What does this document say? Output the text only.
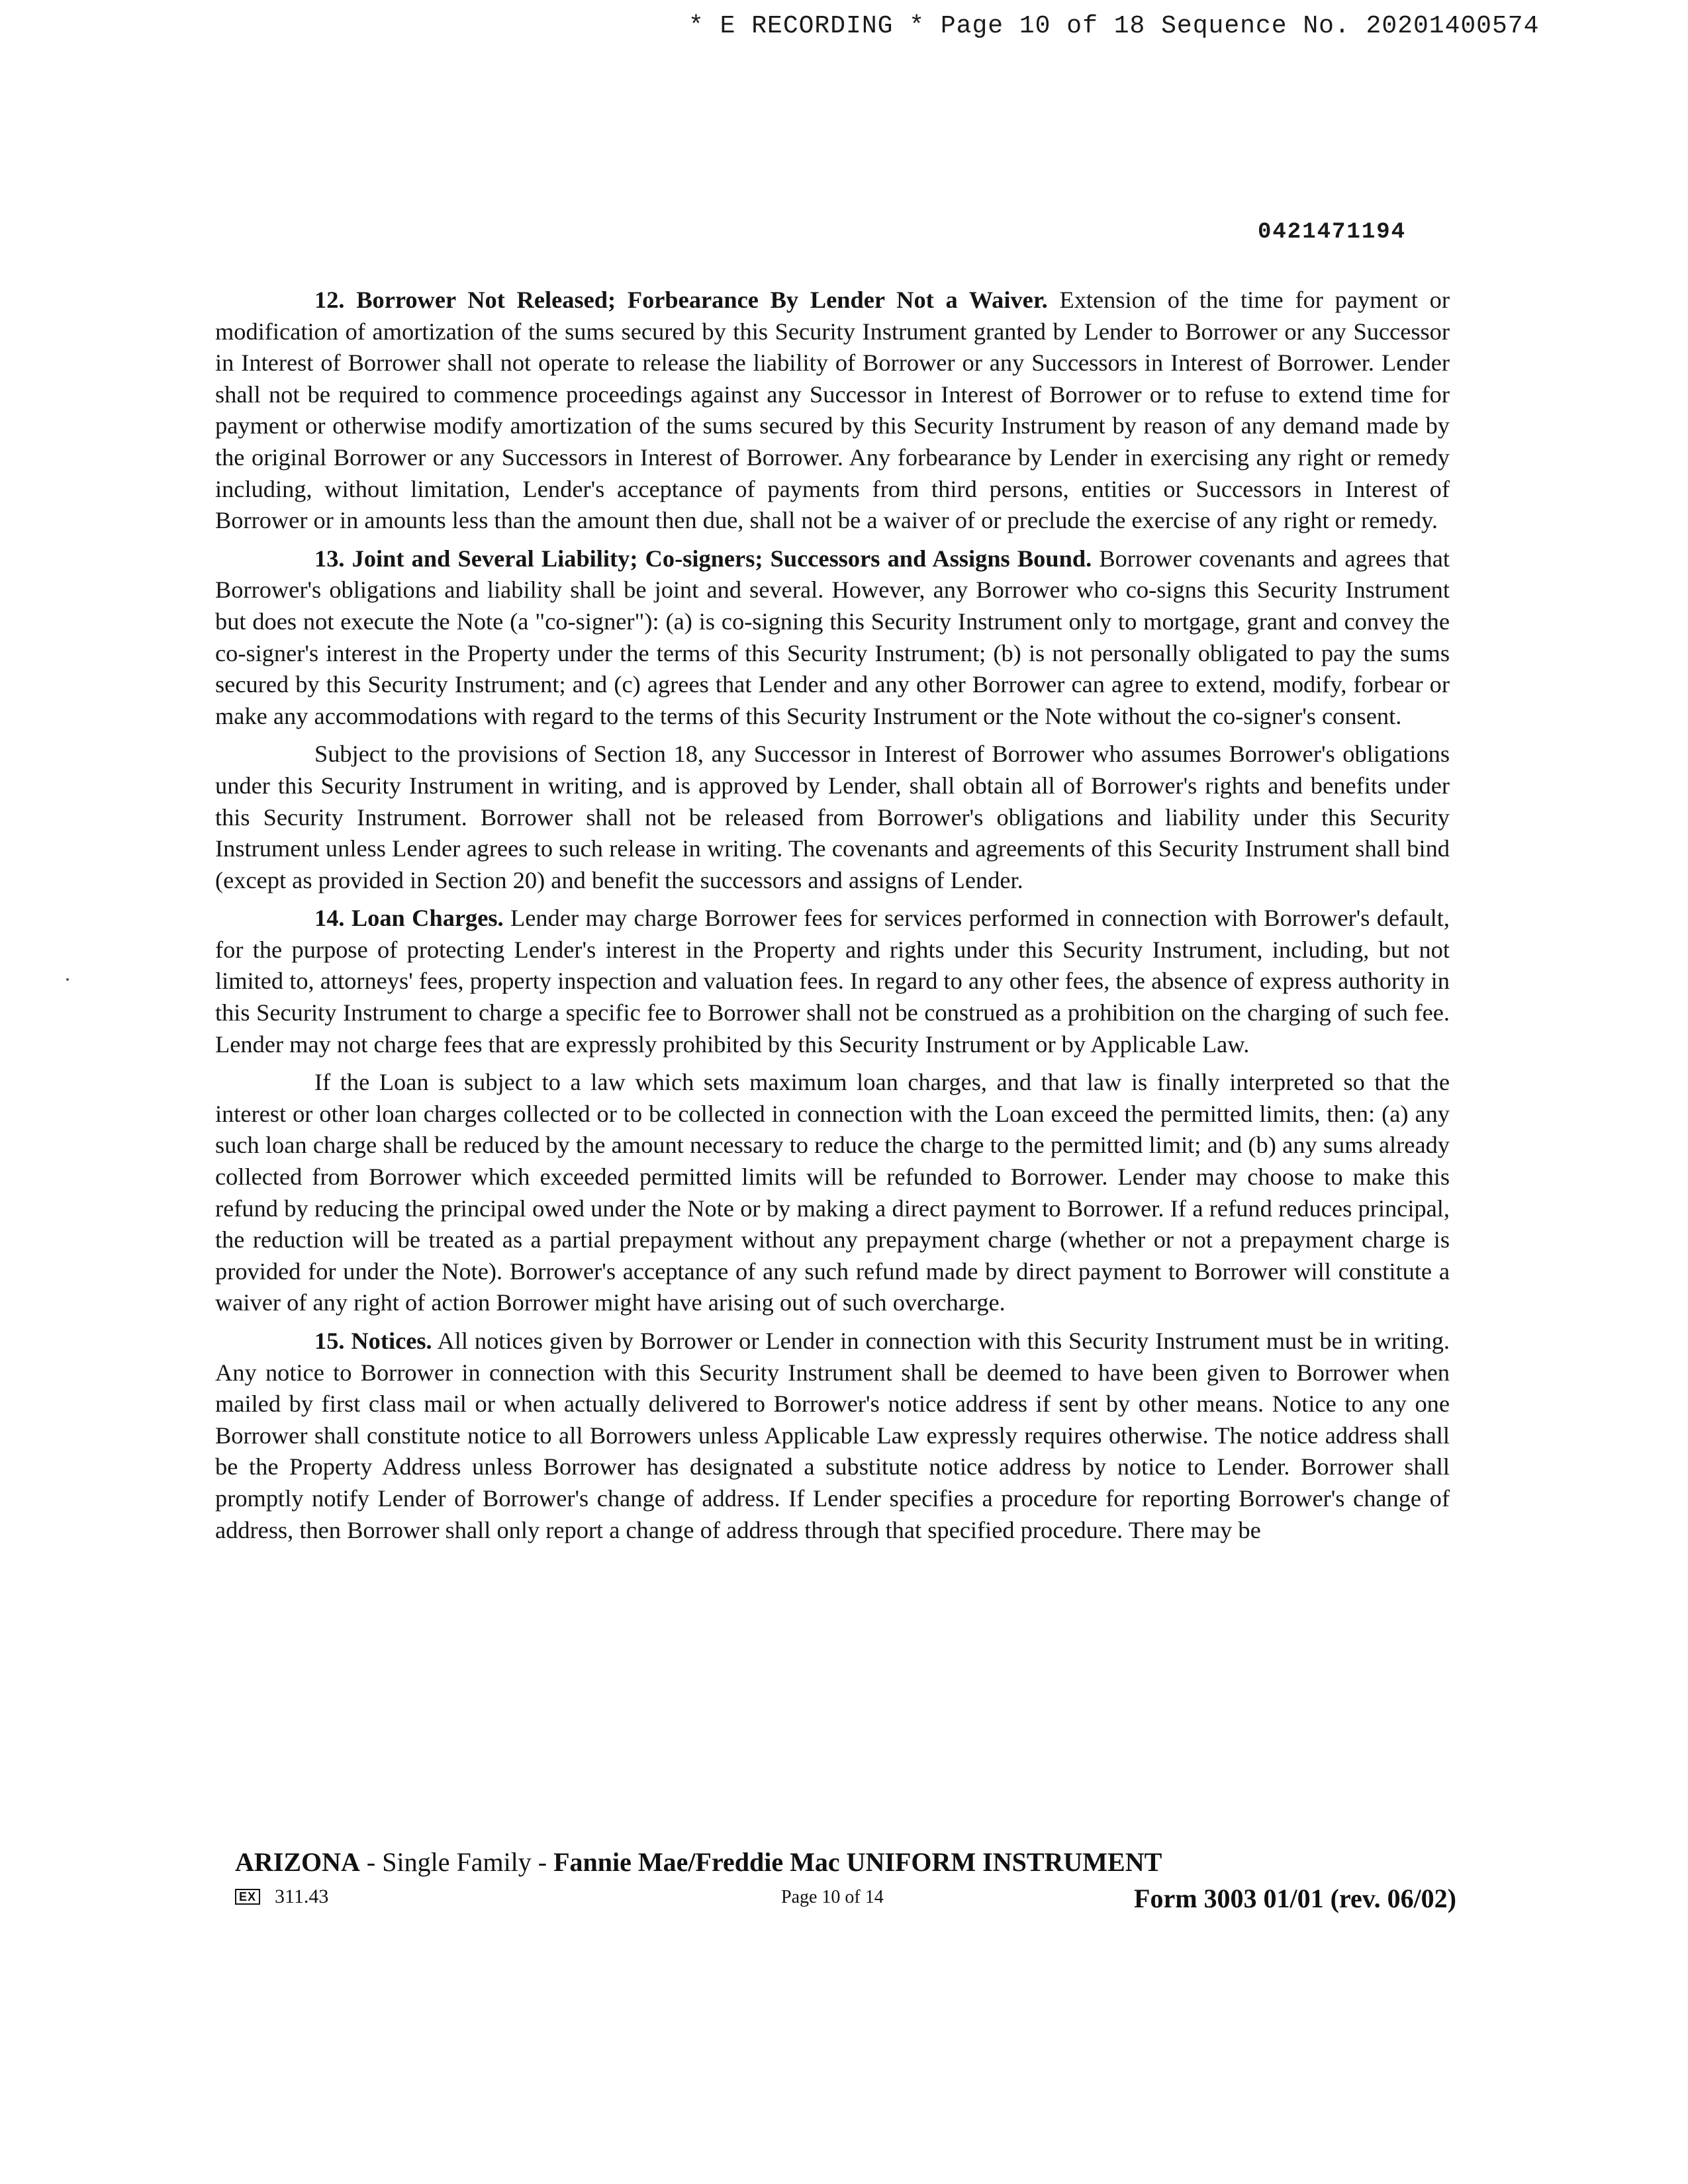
* E RECORDING * Page 10 of 18 Sequence No. 20201400574
0421471194

12. Borrower Not Released; Forbearance By Lender Not a Waiver. Extension of the time for payment or modification of amortization of the sums secured by this Security Instrument granted by Lender to Borrower or any Successor in Interest of Borrower shall not operate to release the liability of Borrower or any Successors in Interest of Borrower. Lender shall not be required to commence proceedings against any Successor in Interest of Borrower or to refuse to extend time for payment or otherwise modify amortization of the sums secured by this Security Instrument by reason of any demand made by the original Borrower or any Successors in Interest of Borrower. Any forbearance by Lender in exercising any right or remedy including, without limitation, Lender's acceptance of payments from third persons, entities or Successors in Interest of Borrower or in amounts less than the amount then due, shall not be a waiver of or preclude the exercise of any right or remedy.

13. Joint and Several Liability; Co-signers; Successors and Assigns Bound. Borrower covenants and agrees that Borrower's obligations and liability shall be joint and several. However, any Borrower who co-signs this Security Instrument but does not execute the Note (a "co-signer"): (a) is co-signing this Security Instrument only to mortgage, grant and convey the co-signer's interest in the Property under the terms of this Security Instrument; (b) is not personally obligated to pay the sums secured by this Security Instrument; and (c) agrees that Lender and any other Borrower can agree to extend, modify, forbear or make any accommodations with regard to the terms of this Security Instrument or the Note without the co-signer's consent.

Subject to the provisions of Section 18, any Successor in Interest of Borrower who assumes Borrower's obligations under this Security Instrument in writing, and is approved by Lender, shall obtain all of Borrower's rights and benefits under this Security Instrument. Borrower shall not be released from Borrower's obligations and liability under this Security Instrument unless Lender agrees to such release in writing. The covenants and agreements of this Security Instrument shall bind (except as provided in Section 20) and benefit the successors and assigns of Lender.

14. Loan Charges. Lender may charge Borrower fees for services performed in connection with Borrower's default, for the purpose of protecting Lender's interest in the Property and rights under this Security Instrument, including, but not limited to, attorneys' fees, property inspection and valuation fees. In regard to any other fees, the absence of express authority in this Security Instrument to charge a specific fee to Borrower shall not be construed as a prohibition on the charging of such fee. Lender may not charge fees that are expressly prohibited by this Security Instrument or by Applicable Law.

If the Loan is subject to a law which sets maximum loan charges, and that law is finally interpreted so that the interest or other loan charges collected or to be collected in connection with the Loan exceed the permitted limits, then: (a) any such loan charge shall be reduced by the amount necessary to reduce the charge to the permitted limit; and (b) any sums already collected from Borrower which exceeded permitted limits will be refunded to Borrower. Lender may choose to make this refund by reducing the principal owed under the Note or by making a direct payment to Borrower. If a refund reduces principal, the reduction will be treated as a partial prepayment without any prepayment charge (whether or not a prepayment charge is provided for under the Note). Borrower's acceptance of any such refund made by direct payment to Borrower will constitute a waiver of any right of action Borrower might have arising out of such overcharge.

15. Notices. All notices given by Borrower or Lender in connection with this Security Instrument must be in writing. Any notice to Borrower in connection with this Security Instrument shall be deemed to have been given to Borrower when mailed by first class mail or when actually delivered to Borrower's notice address if sent by other means. Notice to any one Borrower shall constitute notice to all Borrowers unless Applicable Law expressly requires otherwise. The notice address shall be the Property Address unless Borrower has designated a substitute notice address by notice to Lender. Borrower shall promptly notify Lender of Borrower's change of address. If Lender specifies a procedure for reporting Borrower's change of address, then Borrower shall only report a change of address through that specified procedure. There may be

ARIZONA - Single Family - Fannie Mae/Freddie Mac UNIFORM INSTRUMENT
EX 311.43	Page 10 of 14	Form 3003 01/01 (rev. 06/02)
